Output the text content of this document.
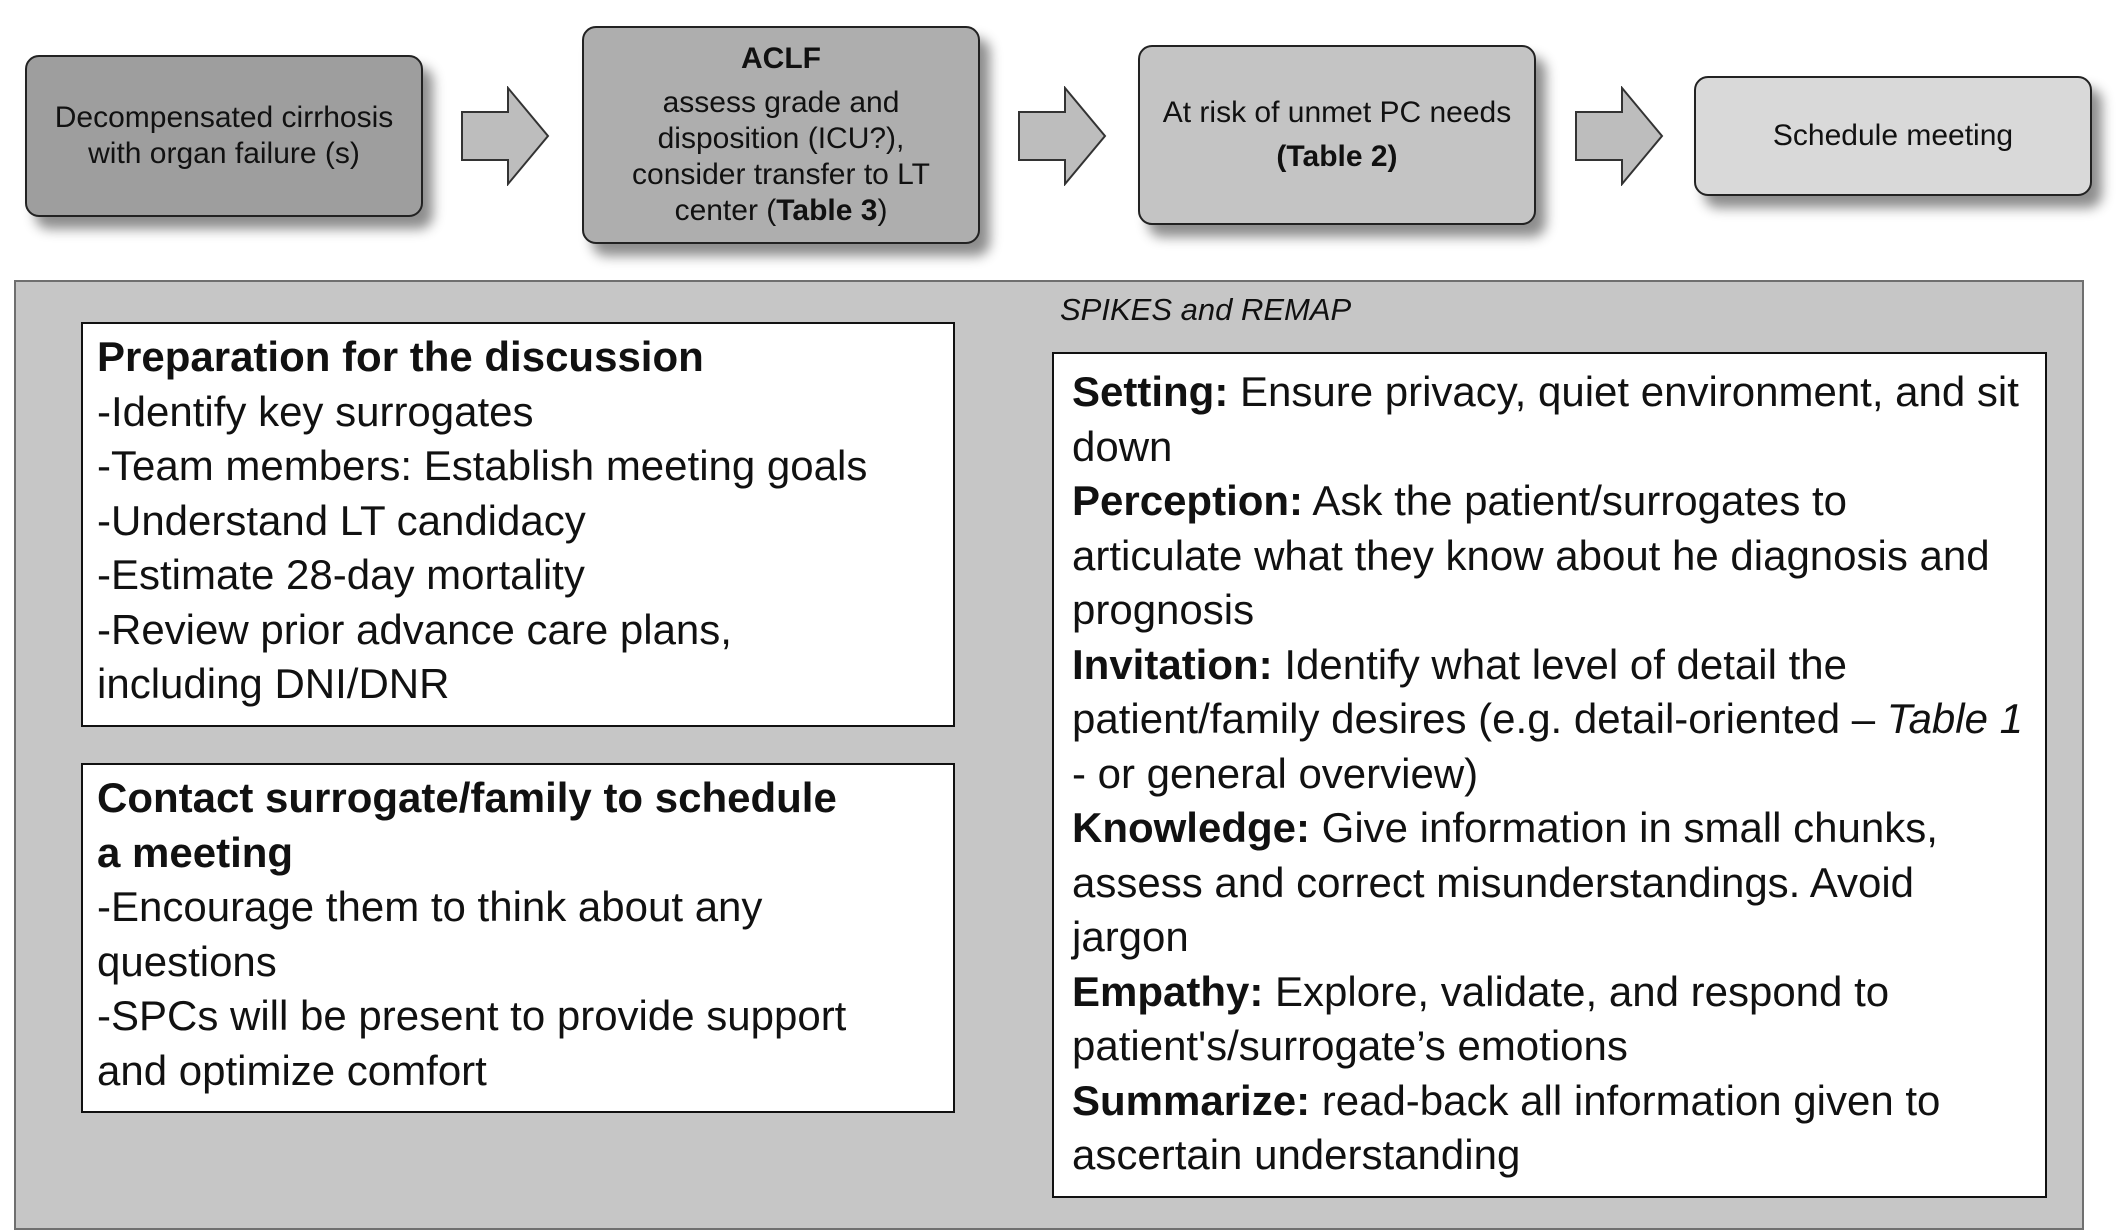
Decompensated cirrhosis with organ failure (s)
ACLF
assess grade and disposition (ICU?), consider transfer to LT center (Table 3)
At risk of unmet PC needs
(Table 2)
Schedule meeting
SPIKES and REMAP
Preparation for the discussion
-Identify key surrogates
-Team members: Establish meeting goals
-Understand LT candidacy
-Estimate 28-day mortality
-Review prior advance care plans,
including DNI/DNR
Contact surrogate/family to schedule
a meeting
-Encourage them to think about any
questions
-SPCs will be present to provide support
and optimize comfort
Setting: Ensure privacy, quiet environment, and sit down
Perception: Ask the patient/surrogates to articulate what they know about he diagnosis and prognosis
Invitation: Identify what level of detail the patient/family desires (e.g. detail-oriented – Table 1 - or general overview)
Knowledge: Give information in small chunks, assess and correct misunderstandings. Avoid jargon
Empathy: Explore, validate, and respond to patient's/surrogate’s emotions
Summarize: read-back all information given to ascertain understanding
